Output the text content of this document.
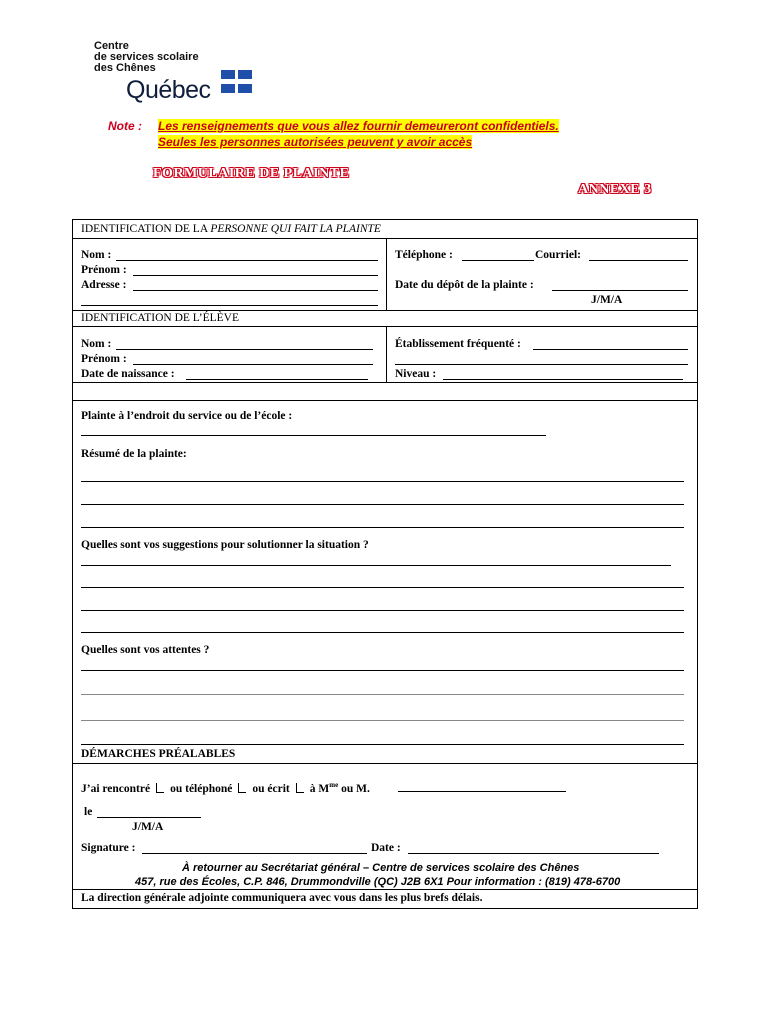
Centre
de services scolaire
des Chênes
Québec
Note : Les renseignements que vous allez fournir demeureront confidentiels.
Seules les personnes autorisées peuvent y avoir accès
FORMULAIRE DE PLAINTE
ANNEXE 3
IDENTIFICATION DE LA PERSONNE QUI FAIT LA PLAINTE
Nom :
Prénom :
Adresse :
Téléphone :	Courriel:
Date du dépôt de la plainte :
J/M/A
IDENTIFICATION DE L’ÉLÈVE
Nom :
Prénom :
Date de naissance :
Établissement fréquenté :
Niveau :
Plainte à l’endroit du service ou de l’école :
Résumé de la plainte:
Quelles sont vos suggestions pour solutionner la situation ?
Quelles sont vos attentes ?
DÉMARCHES PRÉALABLES
J’ai rencontré ou téléphoné ou écrit à $M^{me}$ ou M.
le
J/M/A
Signature :	Date :
À retourner au Secrétariat général – Centre de services scolaire des Chênes
457, rue des Écoles, C.P. 846, Drummondville (QC) J2B 6X1 Pour information : (819) 478-6700
La direction générale adjointe communiquera avec vous dans les plus brefs délais.
